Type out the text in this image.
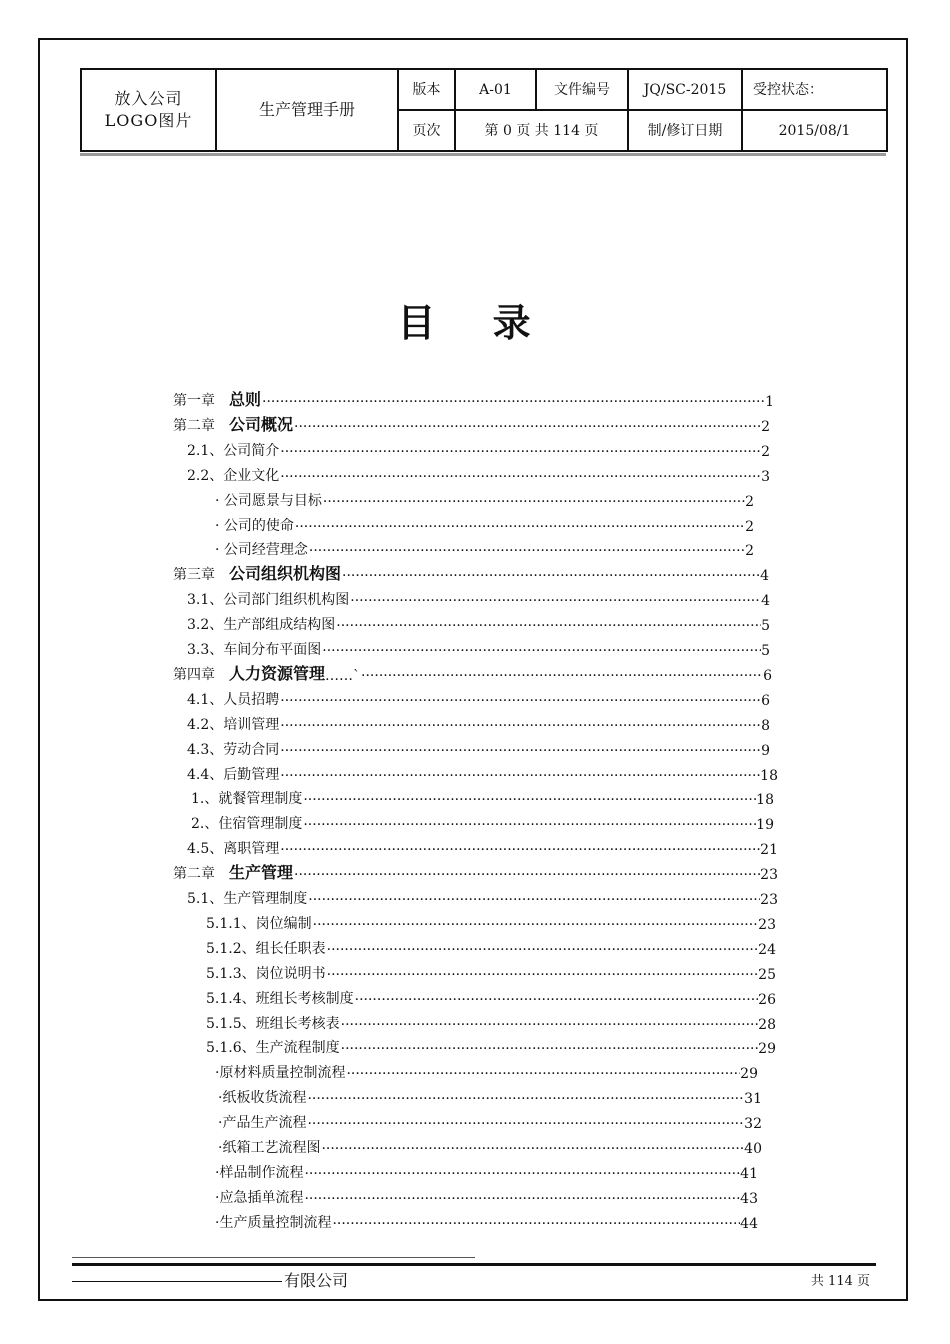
放入公司
LOGO图片	生产管理手册	版本	A-01	文件编号	JQ/SC-2015	受控状态：
		页次	第 0 页 共 114 页		制/修订日期	2015/08/1
目 录
第一章 总则 ·····	1
第二章 公司概况 ·····	2
2.1、公司简介 ·····	2
2.2、企业文化 ·····	3
· 公司愿景与目标 ·····	2
· 公司的使命 ·····	2
· 公司经营理念 ·····	2
第三章 公司组织机构图 ·····	4
3.1、公司部门组织机构图 ·····	4
3.2、生产部组成结构图 ·····	5
3.3、车间分布平面图 ·····	5
第四章 人力资源管理 ……` ·····	6
4.1、人员招聘 ·····	6
4.2、培训管理 ·····	8
4.3、劳动合同 ·····	9
4.4、后勤管理 ·····	18
1.、就餐管理制度 ·····	18
2.、住宿管理制度 ·····	19
4.5、离职管理 ·····	21
第二章 生产管理 ·····	23
5.1、生产管理制度 ·····	23
5.1.1、岗位编制 ·····	23
5.1.2、组长任职表 ·····	24
5.1.3、岗位说明书 ·····	25
5.1.4、班组长考核制度 ·····	26
5.1.5、班组长考核表 ·····	28
5.1.6、生产流程制度 ·····	29
·原材料质量控制流程 ·····	29
·纸板收货流程 ·····	31
·产品生产流程 ·····	32
·纸箱工艺流程图 ·····	40
·样品制作流程 ·····	41
·应急插单流程 ·····	43
·生产质量控制流程 ·····	44
有限公司	共 114 页
